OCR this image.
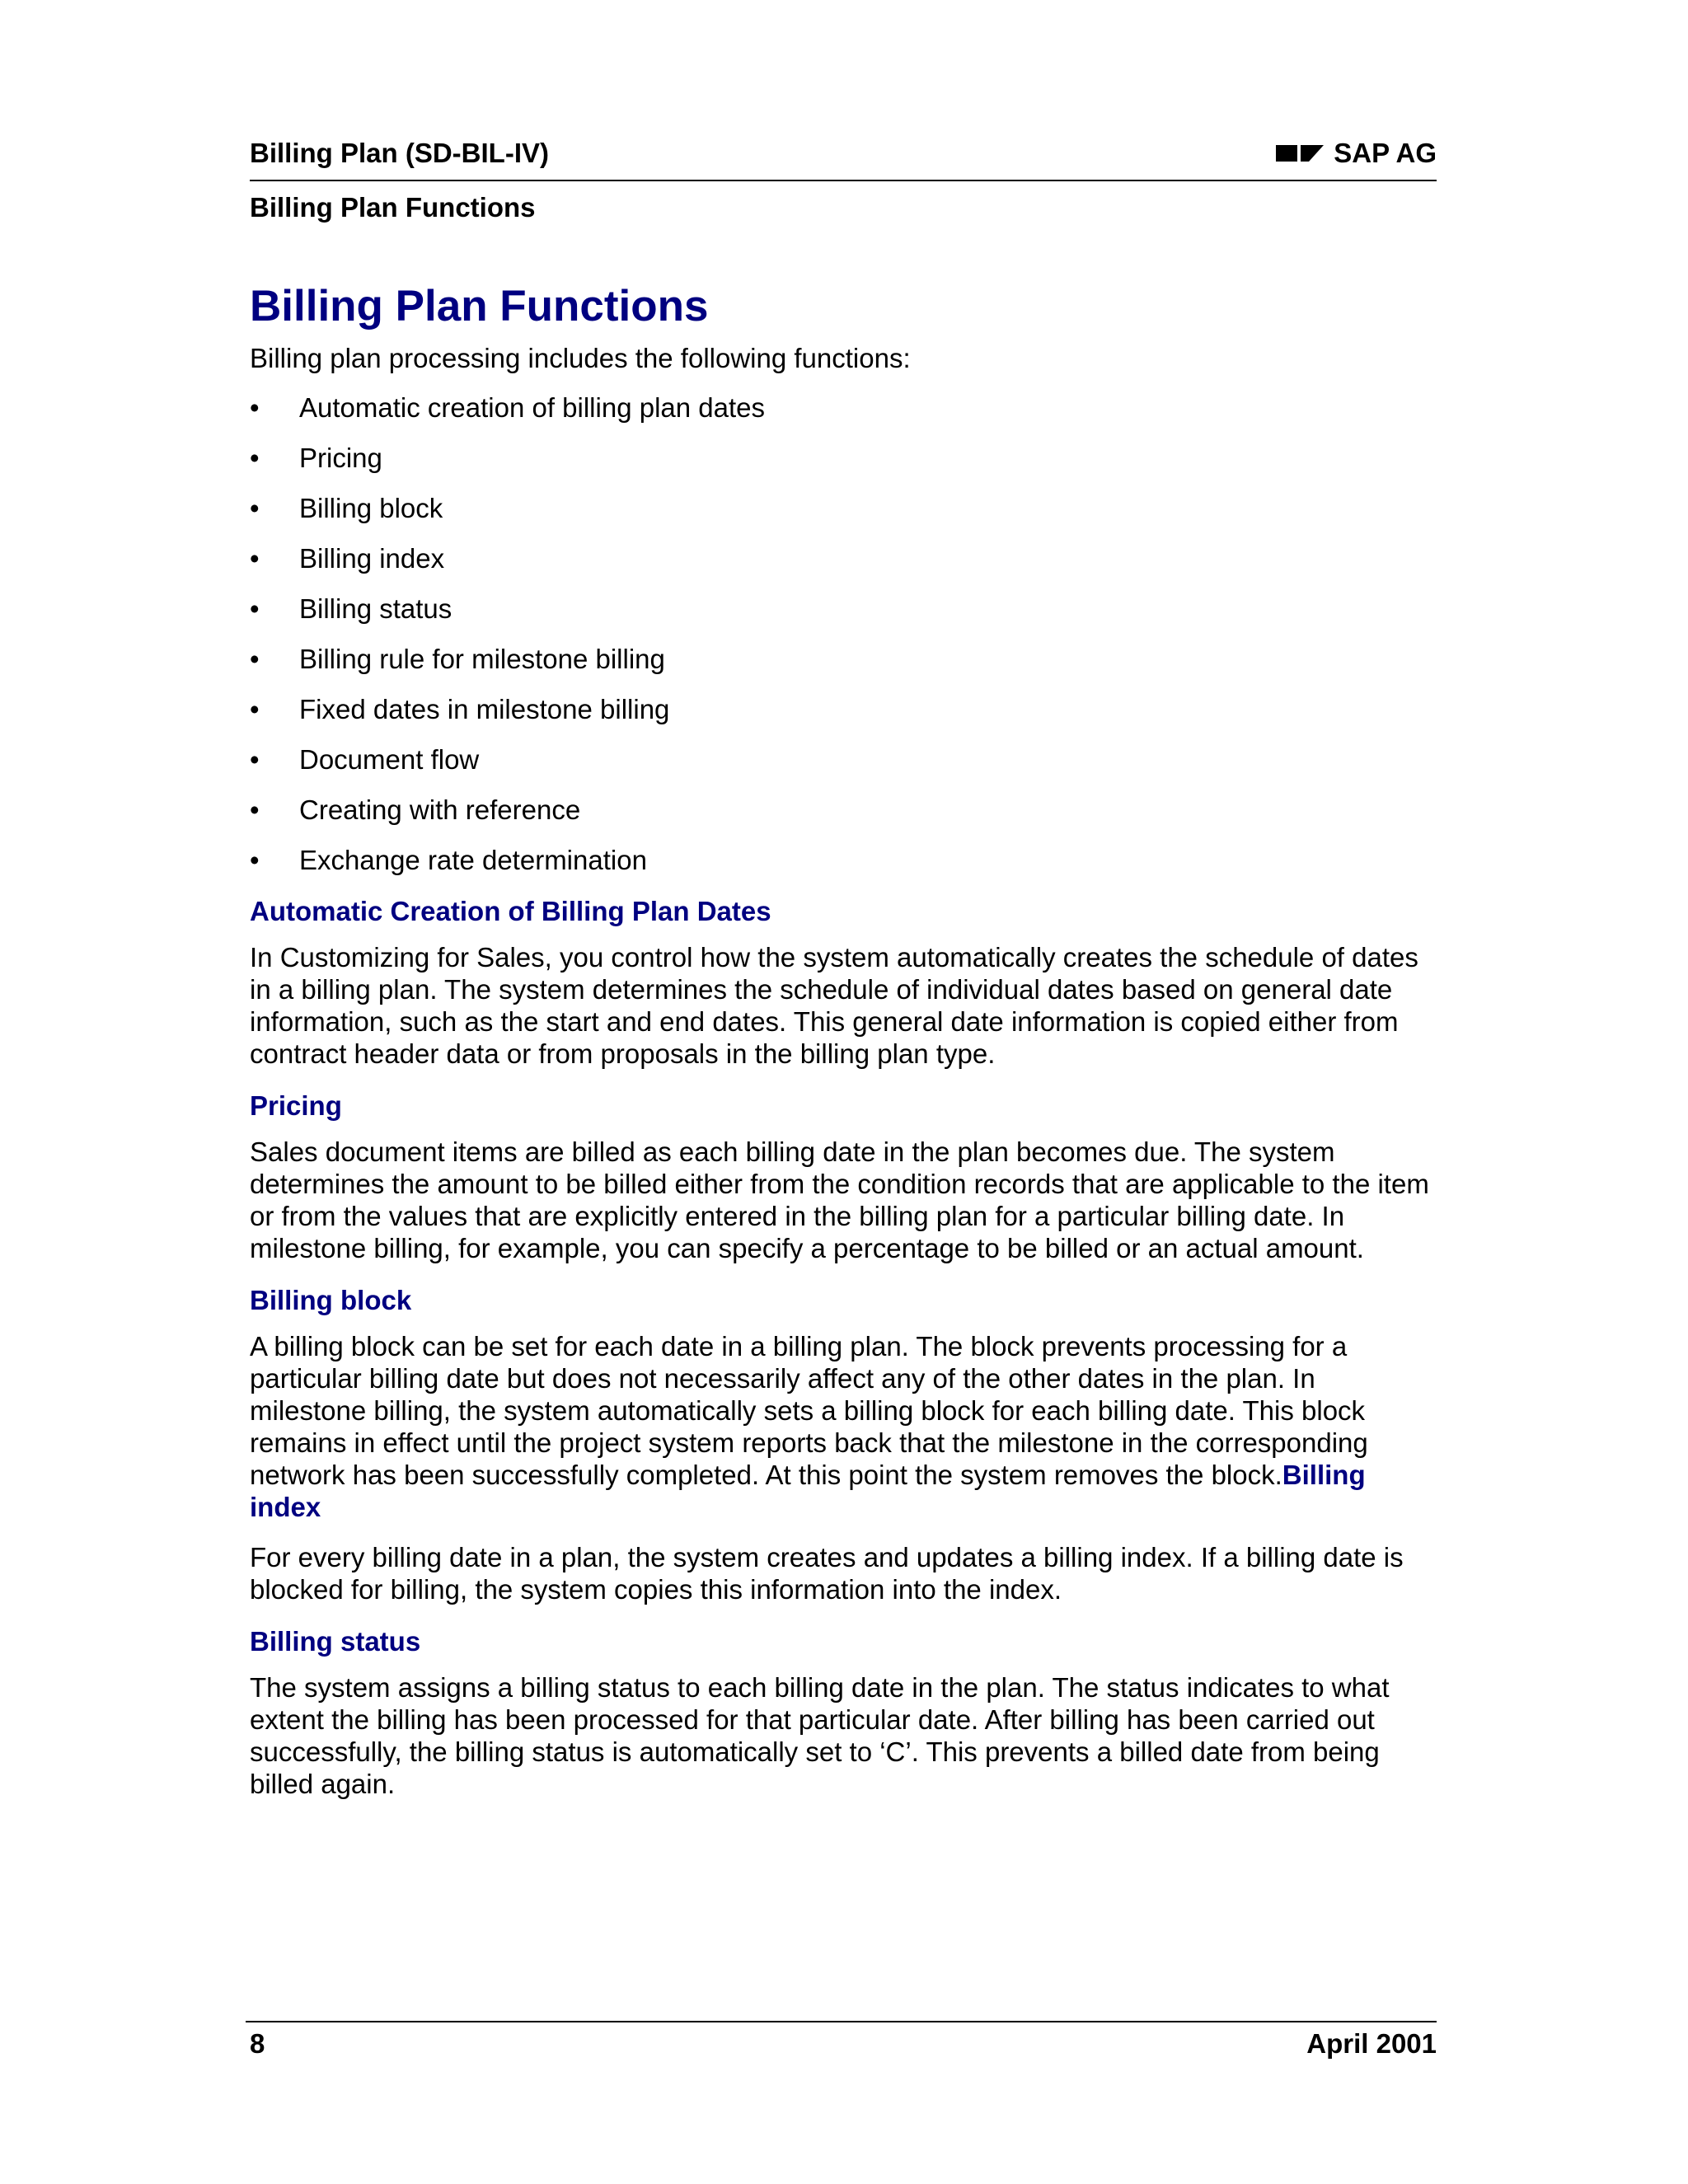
Billing Plan (SD-BIL-IV)	SAP AG
Billing Plan Functions
Billing Plan Functions

Billing plan processing includes the following functions:

• Automatic creation of billing plan dates
• Pricing
• Billing block
• Billing index
• Billing status
• Billing rule for milestone billing
• Fixed dates in milestone billing
• Document flow
• Creating with reference
• Exchange rate determination
Automatic Creation of Billing Plan Dates

In Customizing for Sales, you control how the system automatically creates the schedule of dates in a billing plan. The system determines the schedule of individual dates based on general date information, such as the start and end dates. This general date information is copied either from contract header data or from proposals in the billing plan type.

Pricing

Sales document items are billed as each billing date in the plan becomes due. The system determines the amount to be billed either from the condition records that are applicable to the item or from the values that are explicitly entered in the billing plan for a particular billing date. In milestone billing, for example, you can specify a percentage to be billed or an actual amount.

Billing block

A billing block can be set for each date in a billing plan. The block prevents processing for a particular billing date but does not necessarily affect any of the other dates in the plan. In milestone billing, the system automatically sets a billing block for each billing date. This block remains in effect until the project system reports back that the milestone in the corresponding network has been successfully completed. At this point the system removes the block.Billing index

For every billing date in a plan, the system creates and updates a billing index. If a billing date is blocked for billing, the system copies this information into the index.

Billing status

The system assigns a billing status to each billing date in the plan. The status indicates to what extent the billing has been processed for that particular date. After billing has been carried out successfully, the billing status is automatically set to ‘C’. This prevents a billed date from being billed again.

8	April 2001
